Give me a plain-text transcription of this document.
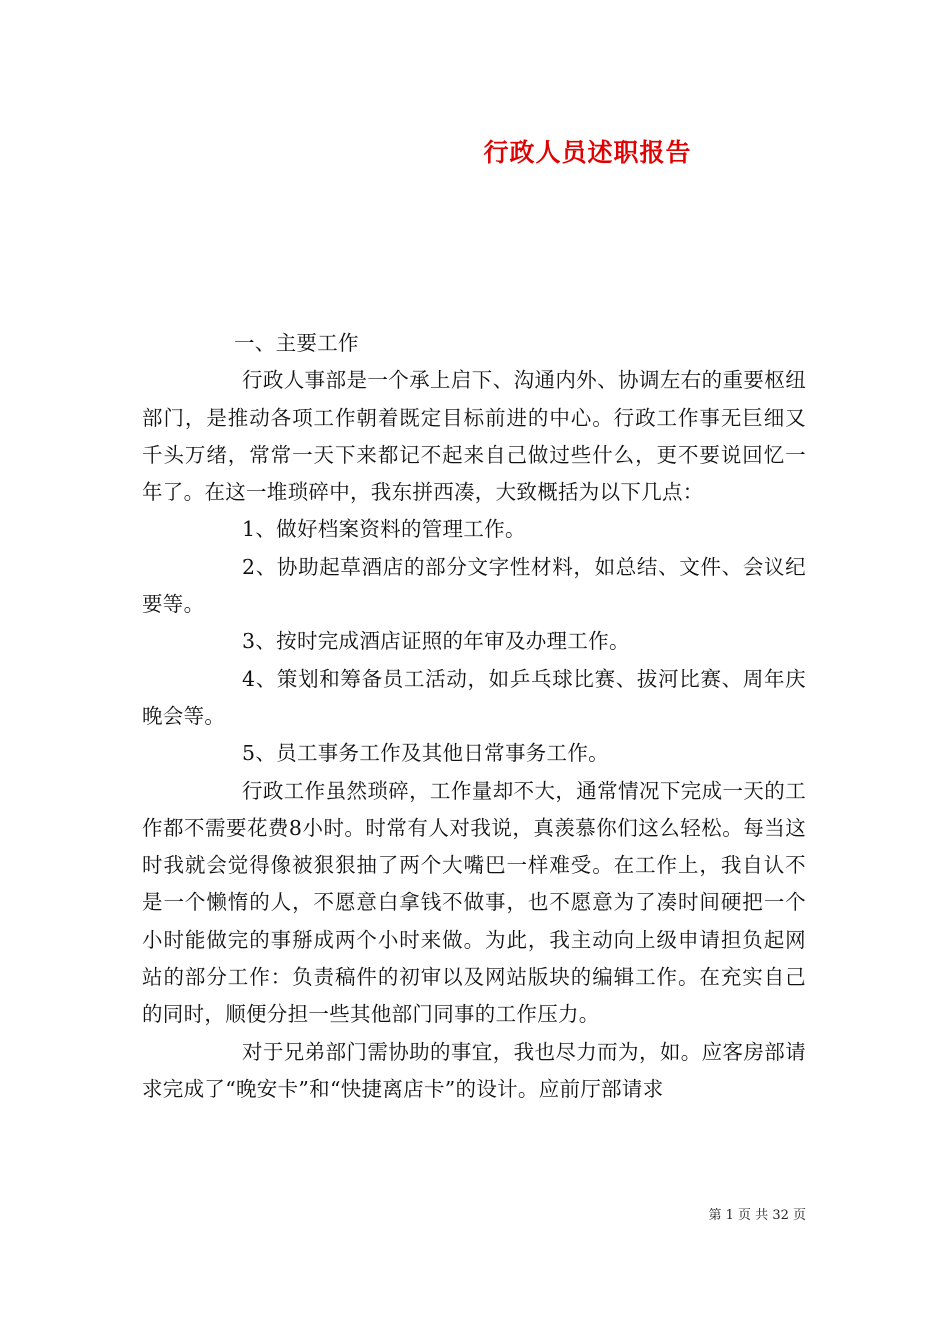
行政人员述职报告

一、主要工作

行政人事部是一个承上启下、沟通内外、协调左右的重要枢纽部门，是推动各项工作朝着既定目标前进的中心。行政工作事无巨细又千头万绪，常常一天下来都记不起来自己做过些什么，更不要说回忆一年了。在这一堆琐碎中，我东拼西凑，大致概括为以下几点：

1、做好档案资料的管理工作。

2、协助起草酒店的部分文字性材料，如总结、文件、会议纪要等。

3、按时完成酒店证照的年审及办理工作。

4、策划和筹备员工活动，如乒乓球比赛、拔河比赛、周年庆晚会等。

5、员工事务工作及其他日常事务工作。

行政工作虽然琐碎，工作量却不大，通常情况下完成一天的工作都不需要花费8小时。时常有人对我说，真羡慕你们这么轻松。每当这时我就会觉得像被狠狠抽了两个大嘴巴一样难受。在工作上，我自认不是一个懒惰的人，不愿意白拿钱不做事，也不愿意为了凑时间硬把一个小时能做完的事掰成两个小时来做。为此，我主动向上级申请担负起网站的部分工作：负责稿件的初审以及网站版块的编辑工作。在充实自己的同时，顺便分担一些其他部门同事的工作压力。

对于兄弟部门需协助的事宜，我也尽力而为，如。应客房部请求完成了“晚安卡”和“快捷离店卡”的设计。应前厅部请求

第 1 页 共 32 页
